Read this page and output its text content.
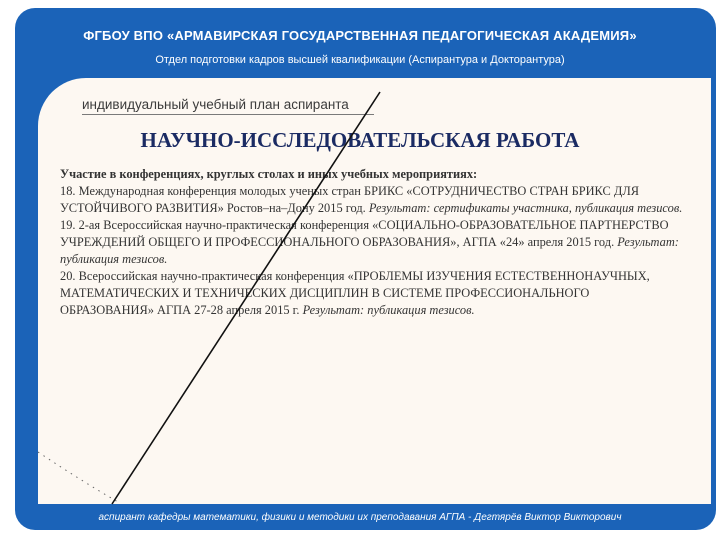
ФГБОУ ВПО «АРМАВИРСКАЯ ГОСУДАРСТВЕННАЯ ПЕДАГОГИЧЕСКАЯ АКАДЕМИЯ»
Отдел подготовки кадров высшей квалификации (Аспирантура и Докторантура)
индивидуальный учебный план аспиранта
НАУЧНО-ИССЛЕДОВАТЕЛЬСКАЯ РАБОТА

Участие в конференциях, круглых столах и иных учебных мероприятиях:

18. Международная конференция молодых ученых стран БРИКС «СОТРУДНИЧЕСТВО СТРАН БРИКС ДЛЯ УСТОЙЧИВОГО РАЗВИТИЯ» Ростов–на–Дону 2015 год. Результат: сертификаты участника, публикация тезисов.

19. 2-ая Всероссийская научно-практическая конференция «СОЦИАЛЬНО-ОБРАЗОВАТЕЛЬНОЕ ПАРТНЕРСТВО УЧРЕЖДЕНИЙ ОБЩЕГО И ПРОФЕССИОНАЛЬНОГО ОБРАЗОВАНИЯ», АГПА «24» апреля 2015 год. Результат: публикация тезисов.

20. Всероссийская научно-практическая конференция «ПРОБЛЕМЫ ИЗУЧЕНИЯ ЕСТЕСТВЕННОНАУЧНЫХ, МАТЕМАТИЧЕСКИХ И ТЕХНИЧЕСКИХ ДИСЦИПЛИН В СИСТЕМЕ ПРОФЕССИОНАЛЬНОГО ОБРАЗОВАНИЯ» АГПА 27-28 апреля 2015 г. Результат: публикация тезисов.

аспирант кафедры математики, физики и методики их преподавания АГПА - Дегтярёв Виктор Викторович
